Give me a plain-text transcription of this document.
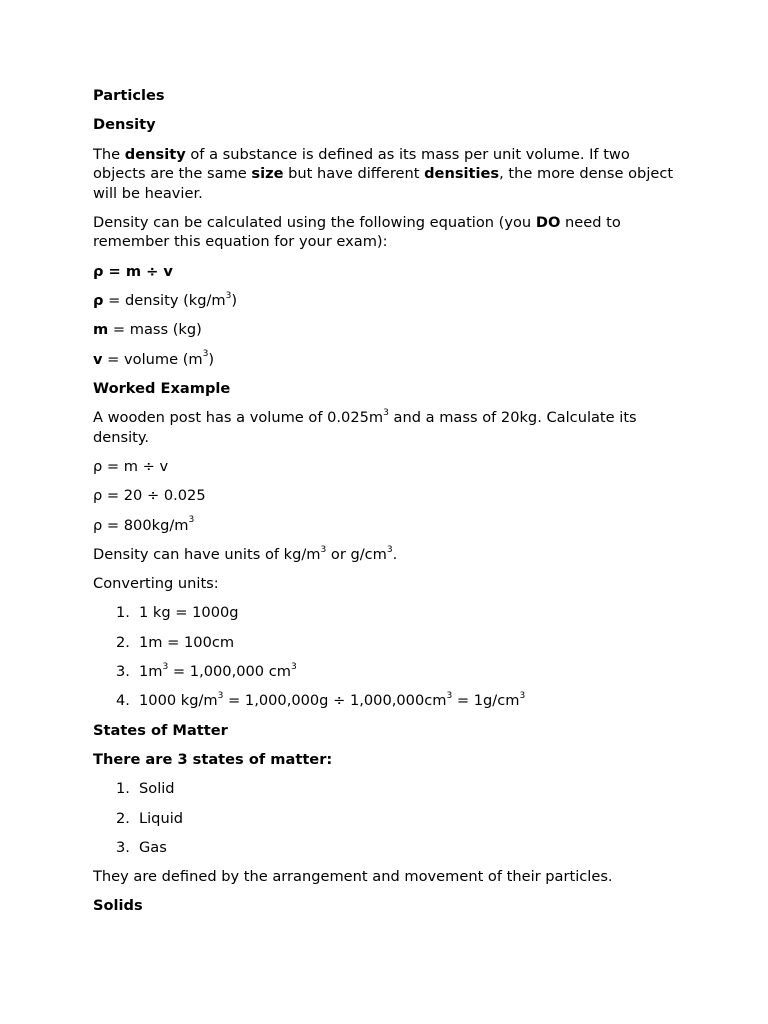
Particles
Density
The density of a substance is defined as its mass per unit volume. If two objects are the same size but have different densities, the more dense object will be heavier.
Density can be calculated using the following equation (you DO need to remember this equation for your exam):
ρ = m ÷ v
ρ = density $(kg/m^3)$
m = mass (kg)
v = volume $(m^3)$
Worked Example
A wooden post has a volume of $0.025m^3$ and a mass of 20kg. Calculate its density.
ρ = m ÷ v
ρ = 20 ÷ 0.025
$\rho = 800kg/m^3$
Density can have units of $kg/m^3$ or $g/cm^3$.
Converting units:
1. 1 kg = 1000g
2. 1m = 100cm
3. $1m^3 = 1,000,000$ $cm^3$
4. 1000 $kg/m^3 = 1,000,000g \div 1,000,000cm^3 = 1g/cm^3$
States of Matter
There are 3 states of matter:
1. Solid
2. Liquid
3. Gas
They are defined by the arrangement and movement of their particles.
Solids
